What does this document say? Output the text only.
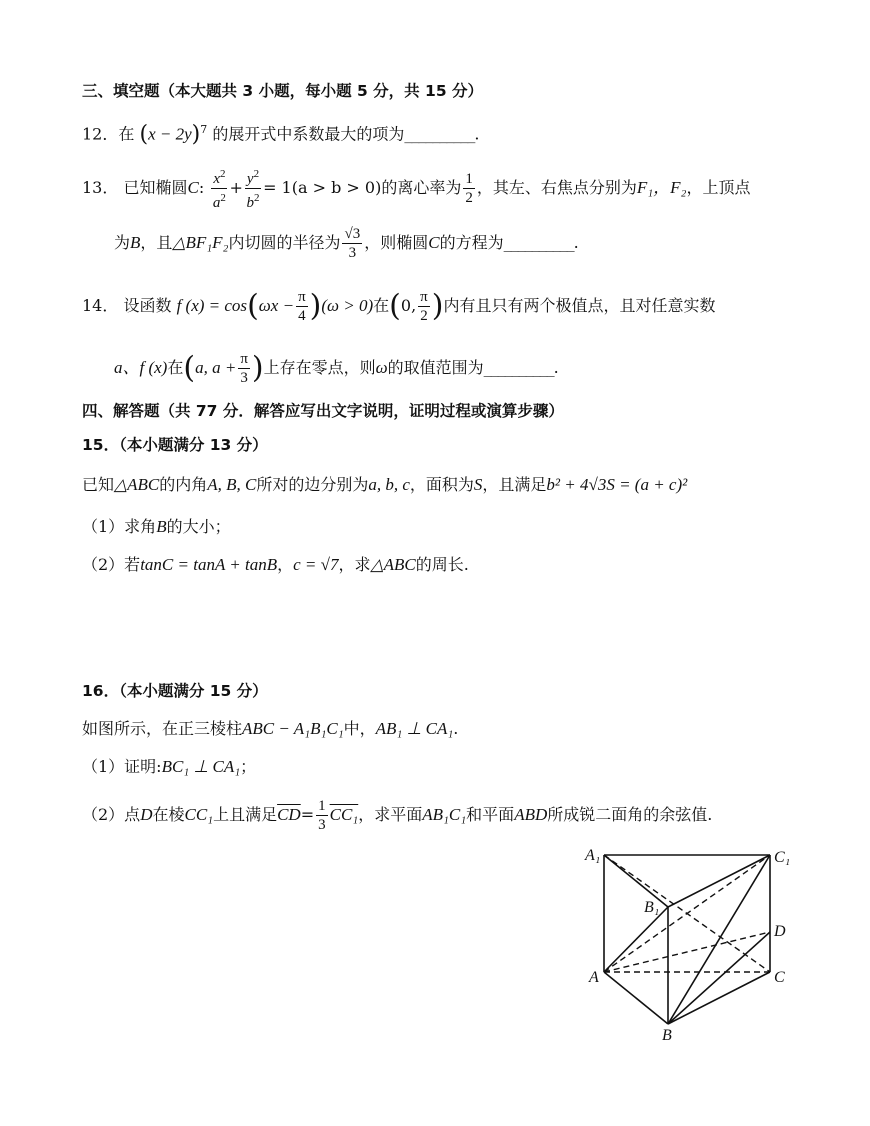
三、填空题（本大题共 3 小题，每小题 5 分，共 15 分）
12．在 $(x - 2y)^7$ 的展开式中系数最大的项为__________.
13． 已知椭圆C: $\frac{x^2}{a^2} + \frac{y^2}{b^2} = 1(a > b > 0)$的离心率为 $\frac{1}{2}$ ，其左、右焦点分别为F₁，F₂，上顶点
为B，且△BF₁F₂内切圆的半径为 $\frac{√3}{3}$ ，则椭圆C的方程为__________.
14． 设函数 f $(x) = \cos(\omega x - \frac{\pi}{4} )(\omega > 0)$在(0, $\frac{\pi}{2}$ )内有且只有两个极值点，且对任意实数
a、f (x)在(a, $a + \frac{\pi}{3}$ )上存在零点，则ω的取值范围为__________.
四、解答题（共 77 分．解答应写出文字说明，证明过程或演算步骤）
15．（本小题满分 13 分）
已知△ABC的内角A, B, C所对的边分别为a, b, c，面积为S，且满足b² + 4√3S = (a + c)²
（1）求角B的大小；
（2）若tanC = tanA + tanB，c = √7，求△ABC的周长.
16．（本小题满分 15 分）
如图所示，在正三棱柱ABC − A₁B₁C₁中，AB₁ ⊥ CA₁.
（1）证明:BC₁ ⊥ CA₁；
（2）点D在棱CC₁上且满足$\overline{CD}= \frac{1}{3} CC_1$，求平面AB₁C₁和平面ABD所成锐二面角的余弦值.
A₁	C₁
B₁
D
A	C
B
